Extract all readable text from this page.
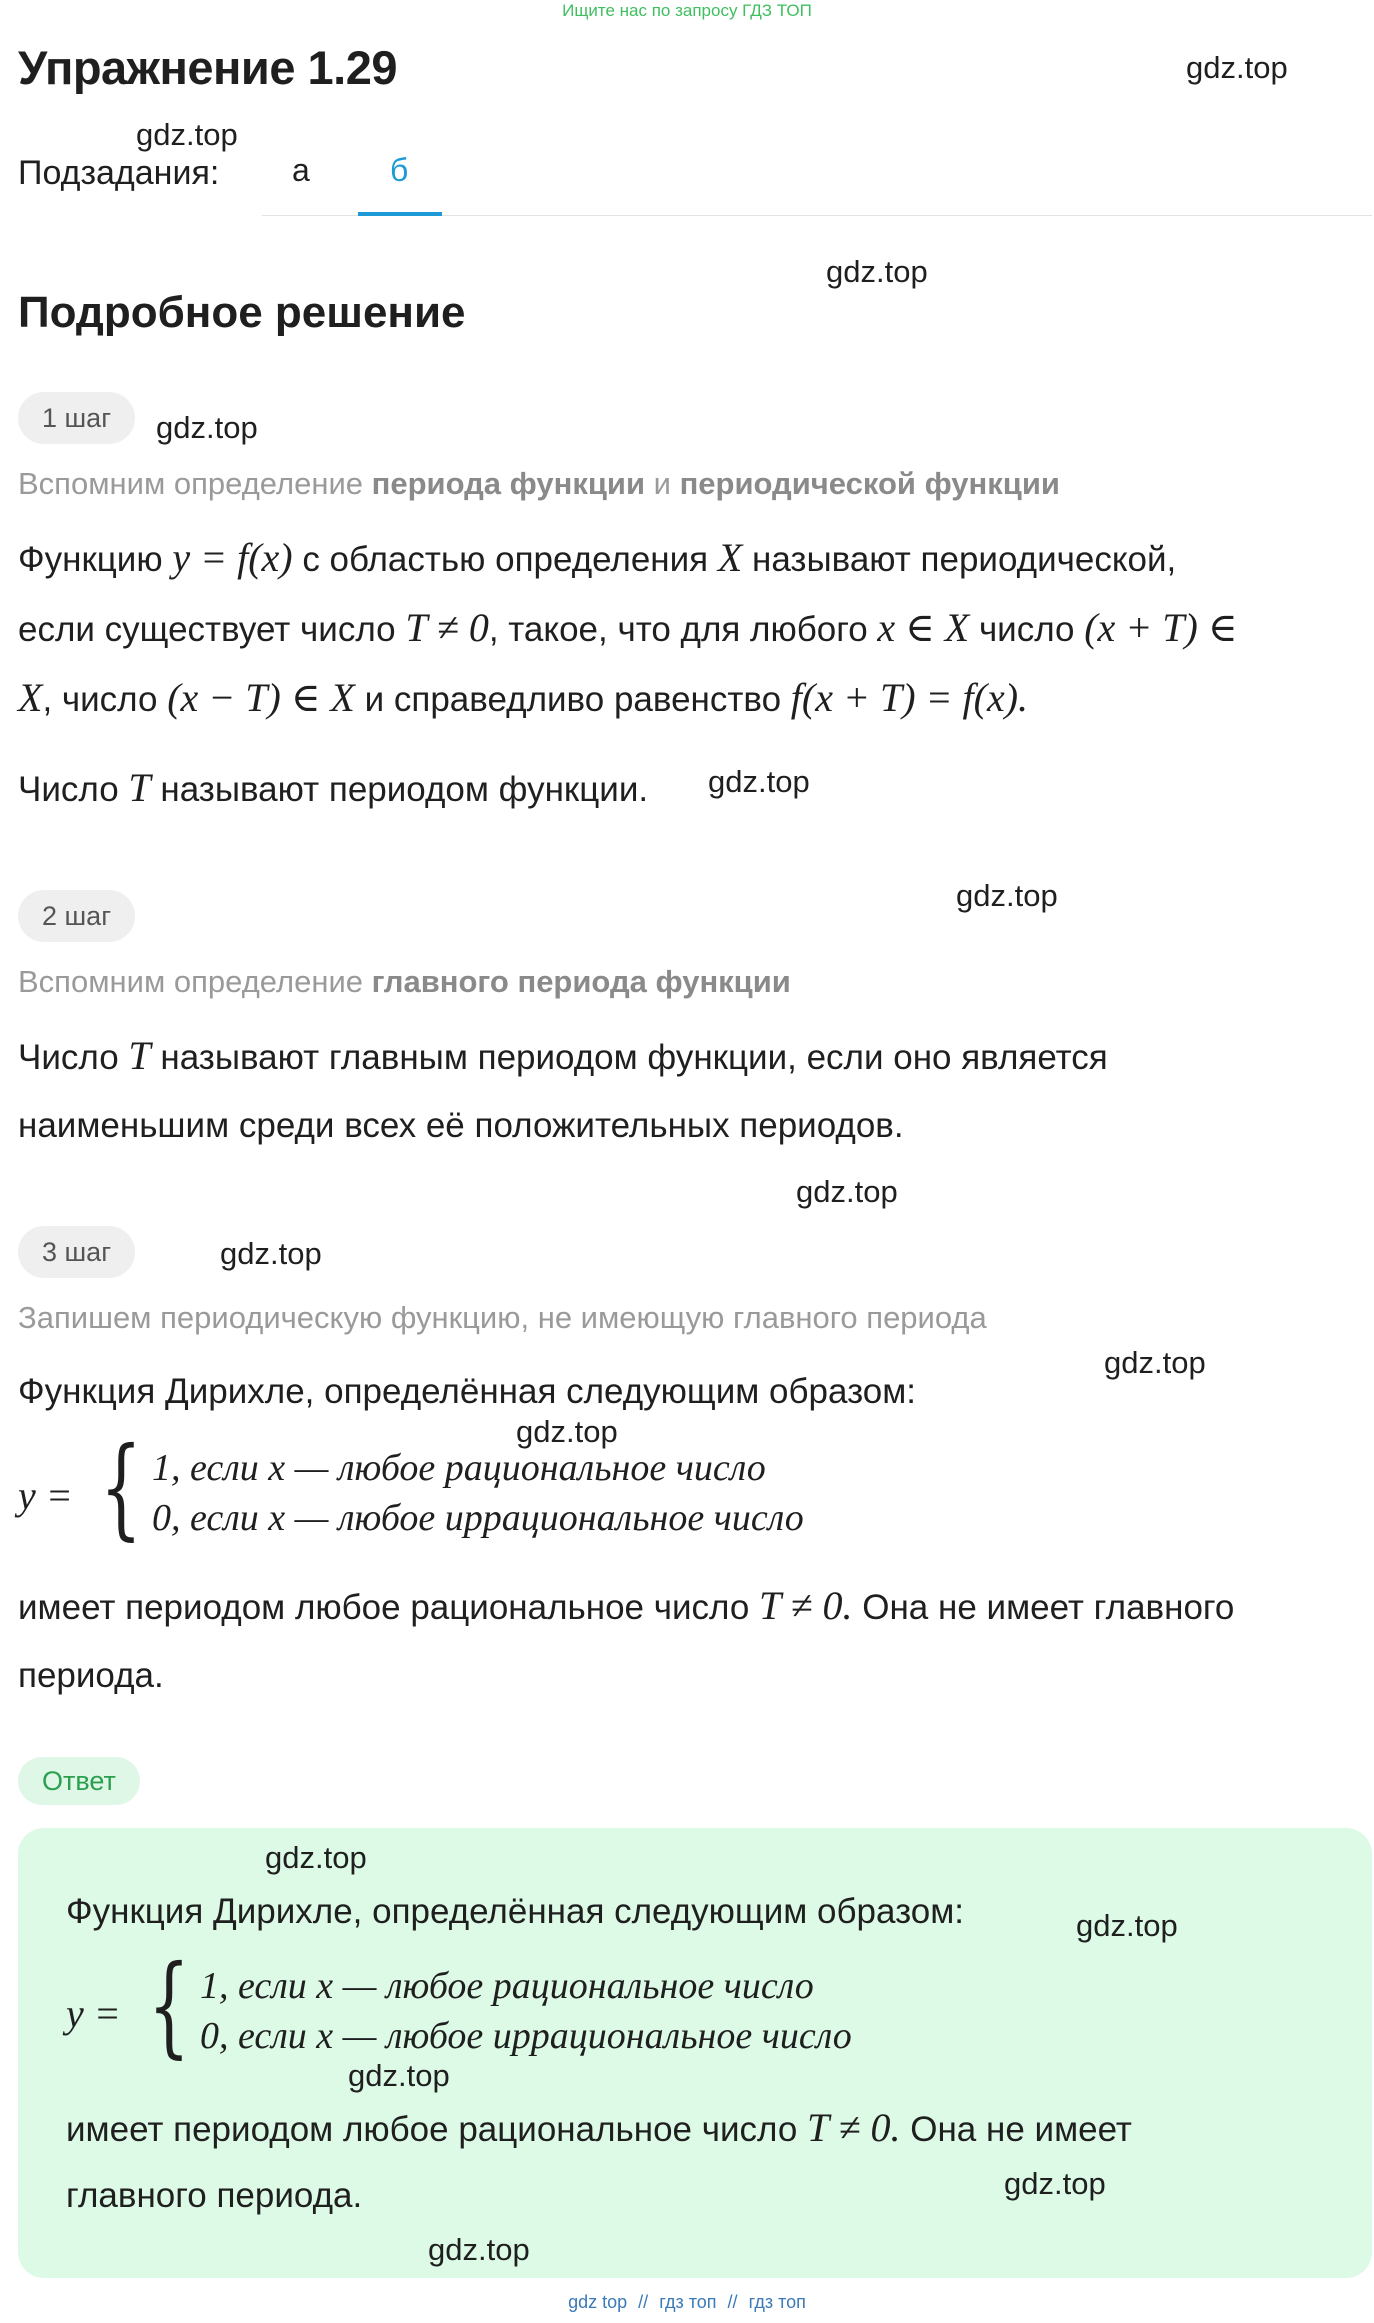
Ищите нас по запросу ГДЗ ТОП
Упражнение 1.29	gdz.top
gdz.top
Подзадания: а	б
gdz.top
Подробное решение
1 шаг	gdz.top
Вспомним определение периода функции и периодической функции
Функцию y = f(x) с областью определения X называют периодической,
если существует число T ≠ 0, такое, что для любого x ∈ X число (x + T) ∈
X, число (x − T) ∈ X и справедливо равенство f(x + T) = f(x).
Число T называют периодом функции. gdz.top
gdz.top
2 шаг
Вспомним определение главного периода функции
Число T называют главным периодом функции, если оно является
наименьшим среди всех её положительных периодов.
gdz.top
3 шаг	gdz.top
Запишем периодическую функцию, не имеющую главного периода
gdz.top
Функция Дирихле, определённая следующим образом:
gdz.top
y = { 1, если x — любое рациональное число
0, если x — любое иррациональное число
имеет периодом любое рациональное число T ≠ 0. Она не имеет главного
периода.
Ответ
gdz.top
Функция Дирихле, определённая следующим образом:	gdz.top
y = { 1, если x — любое рациональное число
0, если x — любое иррациональное число
gdz.top
имеет периодом любое рациональное число T ≠ 0. Она не имеет
gdz.top
главного периода.
gdz.top
gdz top // гдз топ // гдз топ
